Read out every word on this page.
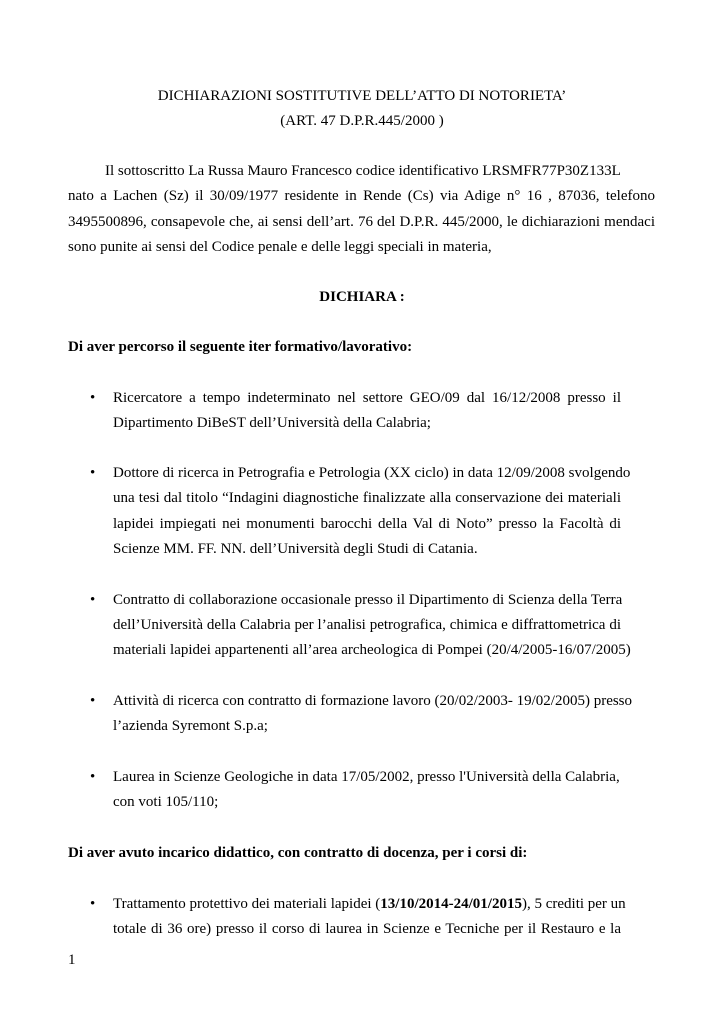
DICHIARAZIONI SOSTITUTIVE DELL’ATTO DI NOTORIETA’
(ART. 47 D.P.R.445/2000 )
Il sottoscritto La Russa Mauro Francesco codice identificativo LRSMFR77P30Z133L
nato a Lachen (Sz) il 30/09/1977 residente in Rende (Cs) via Adige n° 16 , 87036, telefono
3495500896, consapevole che, ai sensi dell’art. 76 del D.P.R. 445/2000, le dichiarazioni mendaci
sono punite ai sensi del Codice penale e delle leggi speciali in materia,
DICHIARA :
Di aver percorso il seguente iter formativo/lavorativo:
• Ricercatore a tempo indeterminato nel settore GEO/09 dal 16/12/2008 presso il
Dipartimento DiBeST dell’Università della Calabria;
• Dottore di ricerca in Petrografia e Petrologia (XX ciclo) in data 12/09/2008 svolgendo
una tesi dal titolo “Indagini diagnostiche finalizzate alla conservazione dei materiali
lapidei impiegati nei monumenti barocchi della Val di Noto” presso la Facoltà di
Scienze MM. FF. NN. dell’Università degli Studi di Catania.
• Contratto di collaborazione occasionale presso il Dipartimento di Scienza della Terra
dell’Università della Calabria per l’analisi petrografica, chimica e diffrattometrica di
materiali lapidei appartenenti all’area archeologica di Pompei (20/4/2005-16/07/2005)
• Attività di ricerca con contratto di formazione lavoro (20/02/2003- 19/02/2005) presso
l’azienda Syremont S.p.a;
• Laurea in Scienze Geologiche in data 17/05/2002, presso l'Università della Calabria,
con voti 105/110;
Di aver avuto incarico didattico, con contratto di docenza, per i corsi di:
• Trattamento protettivo dei materiali lapidei (13/10/2014-24/01/2015), 5 crediti per un
totale di 36 ore) presso il corso di laurea in Scienze e Tecniche per il Restauro e la
1
